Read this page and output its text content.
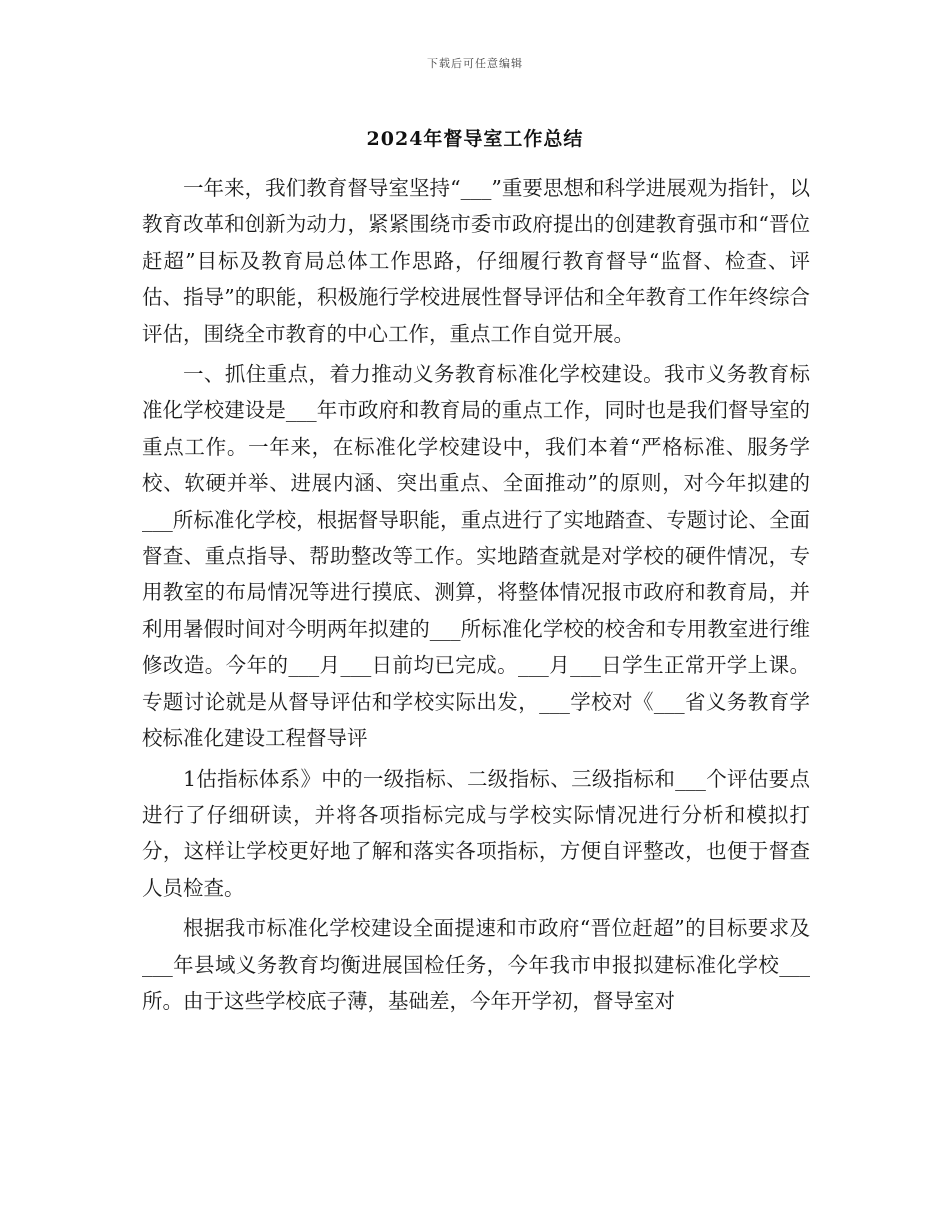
下载后可任意编辑
2024年督导室工作总结

一年来，我们教育督导室坚持“___”重要思想和科学进展观为指针，以教育改革和创新为动力，紧紧围绕市委市政府提出的创建教育强市和“晋位赶超”目标及教育局总体工作思路，仔细履行教育督导“监督、检查、评估、指导”的职能，积极施行学校进展性督导评估和全年教育工作年终综合评估，围绕全市教育的中心工作，重点工作自觉开展。

一、抓住重点，着力推动义务教育标准化学校建设。我市义务教育标准化学校建设是___年市政府和教育局的重点工作，同时也是我们督导室的重点工作。一年来，在标准化学校建设中，我们本着“严格标准、服务学校、软硬并举、进展内涵、突出重点、全面推动”的原则，对今年拟建的___所标准化学校，根据督导职能，重点进行了实地踏查、专题讨论、全面督查、重点指导、帮助整改等工作。实地踏查就是对学校的硬件情况，专用教室的布局情况等进行摸底、测算，将整体情况报市政府和教育局，并利用暑假时间对今明两年拟建的___所标准化学校的校舍和专用教室进行维修改造。今年的___月___日前均已完成。___月___日学生正常开学上课。专题讨论就是从督导评估和学校实际出发，___学校对《___省义务教育学校标准化建设工程督导评

1估指标体系》中的一级指标、二级指标、三级指标和___个评估要点进行了仔细研读，并将各项指标完成与学校实际情况进行分析和模拟打分，这样让学校更好地了解和落实各项指标，方便自评整改，也便于督查人员检查。

根据我市标准化学校建设全面提速和市政府“晋位赶超”的目标要求及___年县域义务教育均衡进展国检任务，今年我市申报拟建标准化学校___所。由于这些学校底子薄，基础差，今年开学初，督导室对
